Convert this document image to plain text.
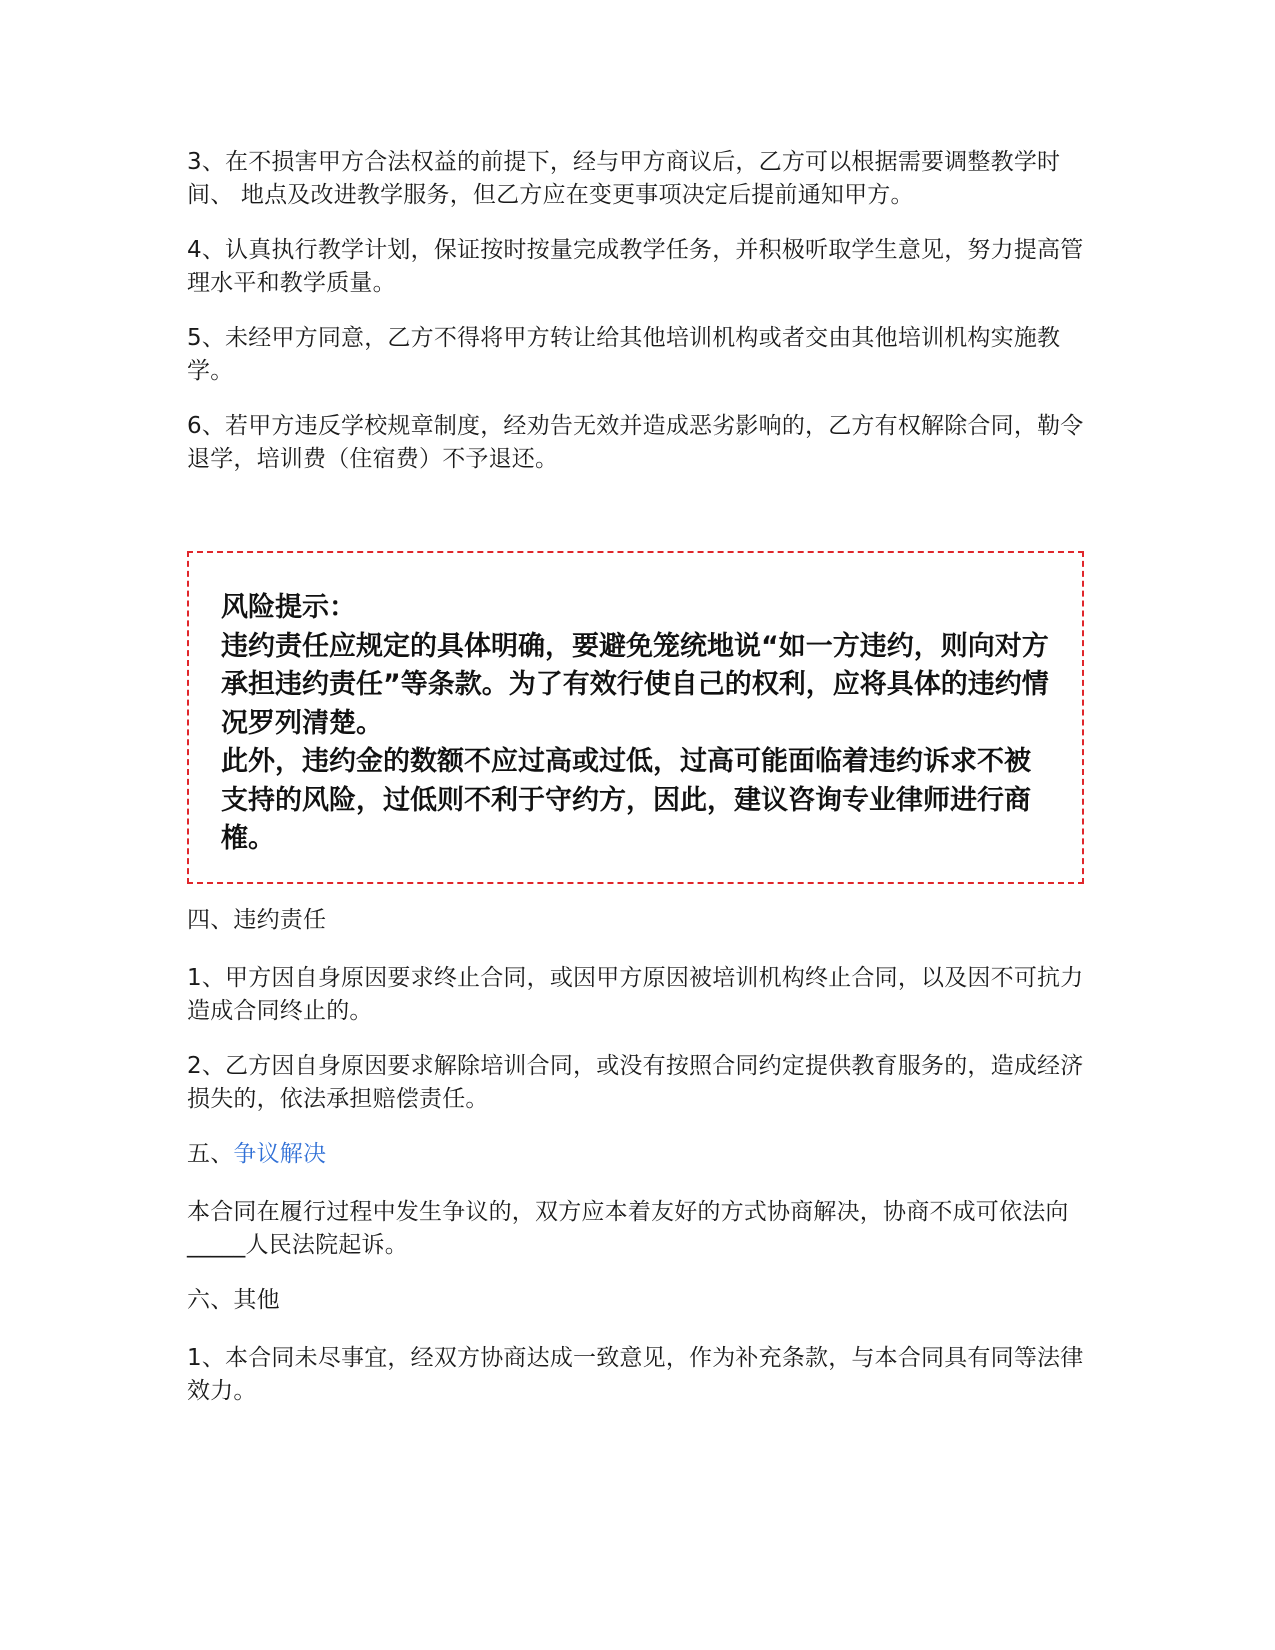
3、在不损害甲方合法权益的前提下，经与甲方商议后，乙方可以根据需要调整教学时间、 地点及改进教学服务，但乙方应在变更事项决定后提前通知甲方。

4、认真执行教学计划，保证按时按量完成教学任务，并积极听取学生意见，努力提高管理水平和教学质量。

5、未经甲方同意，乙方不得将甲方转让给其他培训机构或者交由其他培训机构实施教学。

6、若甲方违反学校规章制度，经劝告无效并造成恶劣影响的，乙方有权解除合同，勒令退学，培训费（住宿费）不予退还。

风险提示：
违约责任应规定的具体明确，要避免笼统地说“如一方违约，则向对方承担违约责任”等条款。为了有效行使自己的权利，应将具体的违约情况罗列清楚。
此外，违约金的数额不应过高或过低，过高可能面临着违约诉求不被支持的风险，过低则不利于守约方，因此，建议咨询专业律师进行商榷。

四、违约责任

1、甲方因自身原因要求终止合同，或因甲方原因被培训机构终止合同，以及因不可抗力造成合同终止的。

2、乙方因自身原因要求解除培训合同，或没有按照合同约定提供教育服务的，造成经济损失的，依法承担赔偿责任。

五、争议解决

本合同在履行过程中发生争议的，双方应本着友好的方式协商解决，协商不成可依法向_____人民法院起诉。

六、其他

1、本合同未尽事宜，经双方协商达成一致意见，作为补充条款，与本合同具有同等法律效力。
